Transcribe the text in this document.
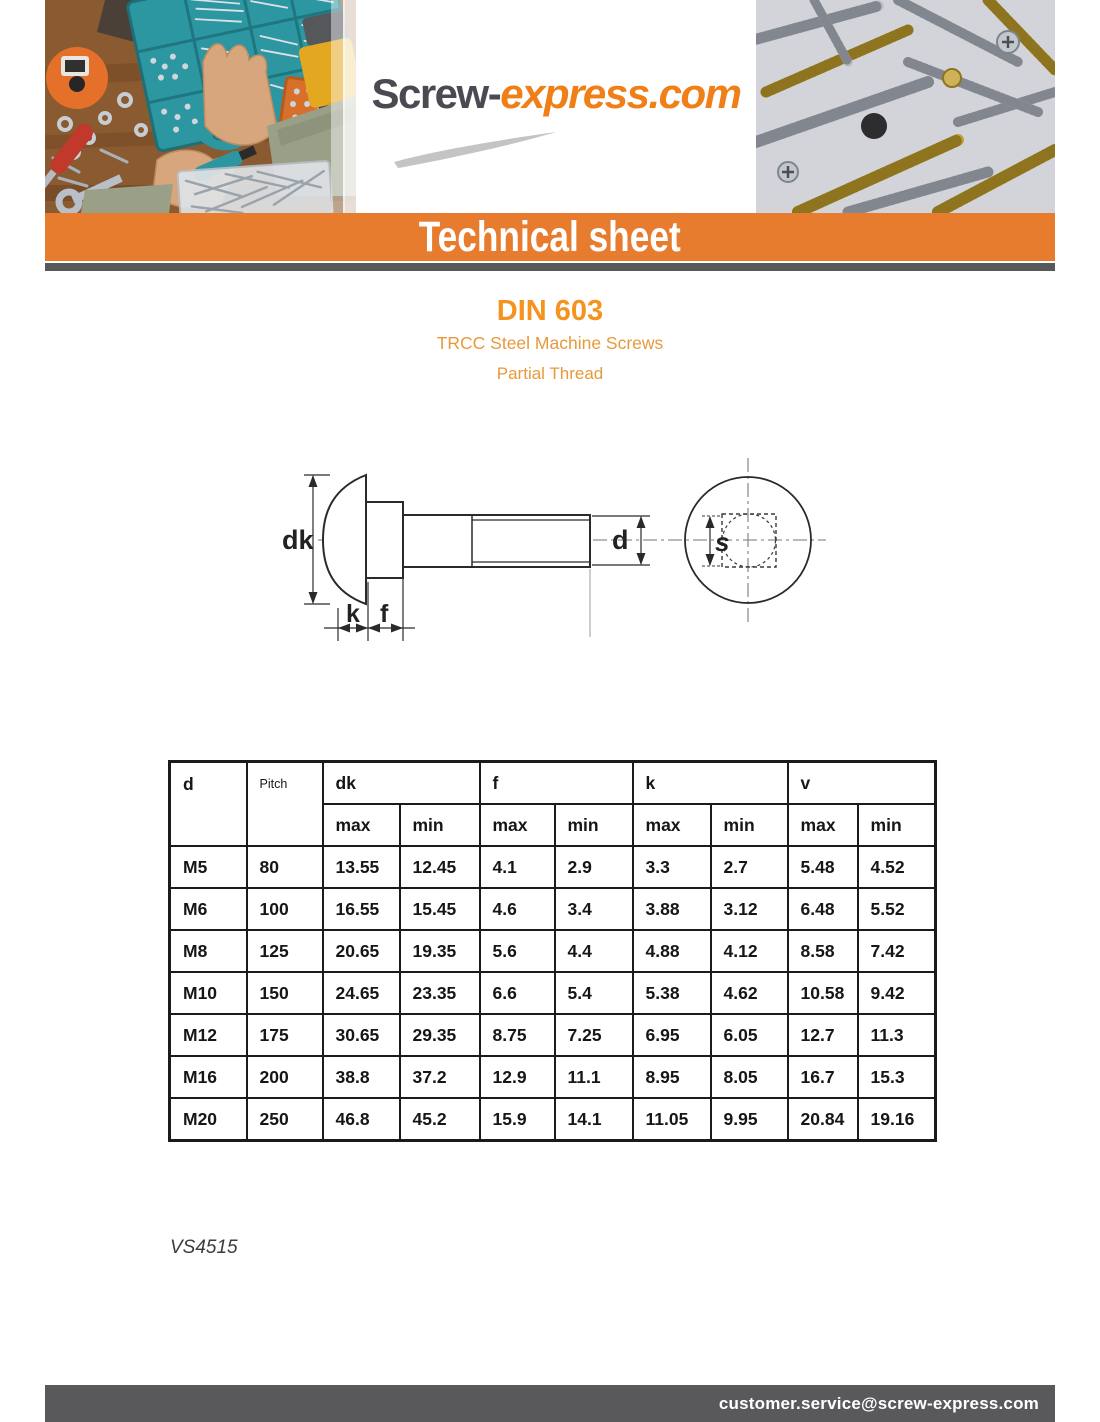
Screw-express.com
Technical sheet
DIN 603
TRCC Steel Machine Screws
Partial Thread
dk
k f
d	s
d	Pitch	dk		f		k		v	
		max	min	max	min	max	min	max	min
M5	80	13.55	12.45	4.1	2.9	3.3	2.7	5.48	4.52
M6	100	16.55	15.45	4.6	3.4	3.88	3.12	6.48	5.52
M8	125	20.65	19.35	5.6	4.4	4.88	4.12	8.58	7.42
M10	150	24.65	23.35	6.6	5.4	5.38	4.62	10.58	9.42
M12	175	30.65	29.35	8.75	7.25	6.95	6.05	12.7	11.3
M16	200	38.8	37.2	12.9	11.1	8.95	8.05	16.7	15.3
M20	250	46.8	45.2	15.9	14.1	11.05	9.95	20.84	19.16
VS4515
customer.service@screw-express.com
